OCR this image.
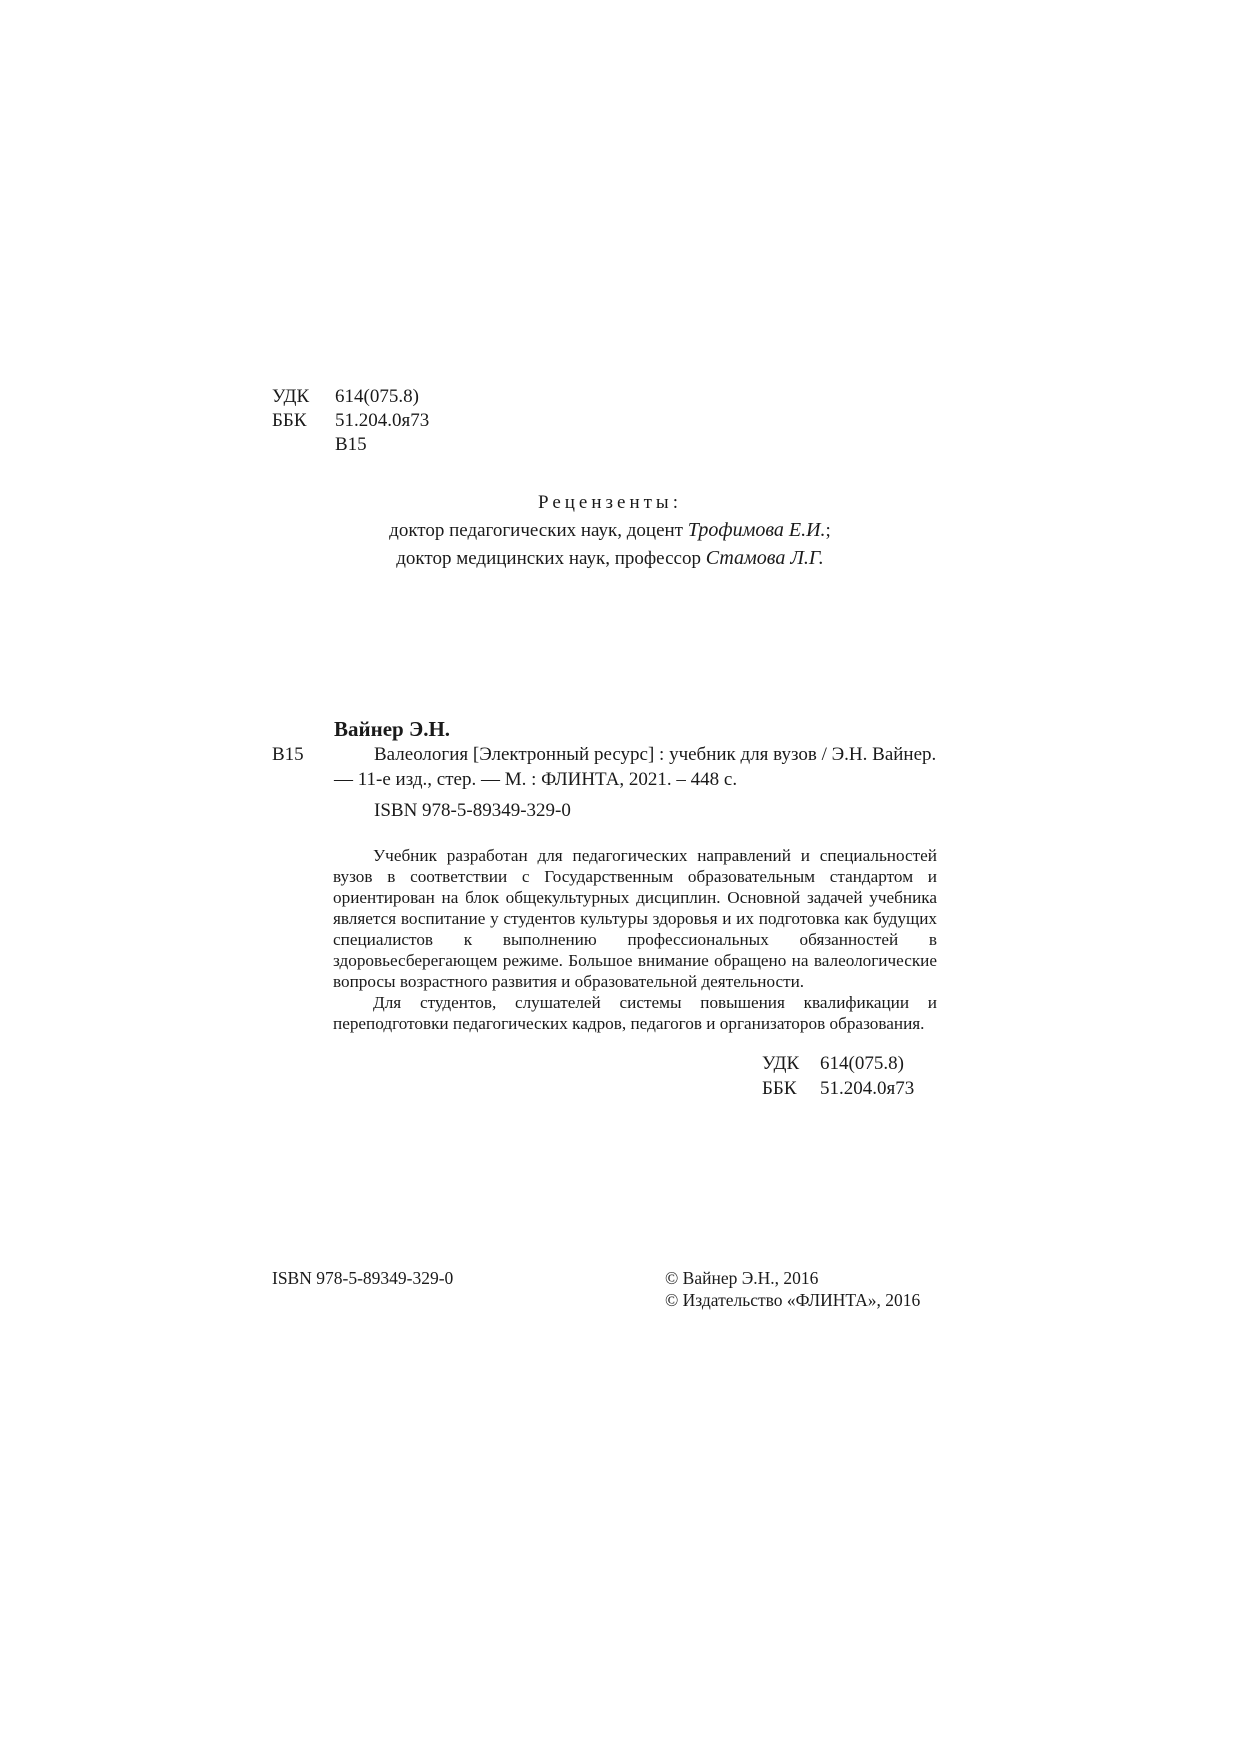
УДК 614(075.8)
ББК 51.204.0я73
В15
Рецензенты:
доктор педагогических наук, доцент Трофимова Е.И.;
доктор медицинских наук, профессор Стамова Л.Г.
Вайнер Э.Н.
В15	Валеология [Электронный ресурс] : учебник для вузов / Э.Н. Вайнер.
— 11-е изд., стер. — М. : ФЛИНТА, 2021. – 448 с.
ISBN 978-5-89349-329-0

Учебник разработан для педагогических направлений и специальностей вузов в соответствии с Государственным образовательным стандартом и ориентирован на блок общекультурных дисциплин. Основной задачей учебника является воспитание у студентов культуры здоровья и их подготовка как будущих специалистов к выполнению профессиональных обязанностей в здоровьесберегающем режиме. Большое внимание обращено на валеологические вопросы возрастного развития и образовательной деятельности.

Для студентов, слушателей системы повышения квалификации и переподготовки педагогических кадров, педагогов и организаторов образования.

УДК 614(075.8)
ББК 51.204.0я73
ISBN 978-5-89349-329-0	© Вайнер Э.Н., 2016
© Издательство «ФЛИНТА», 2016
